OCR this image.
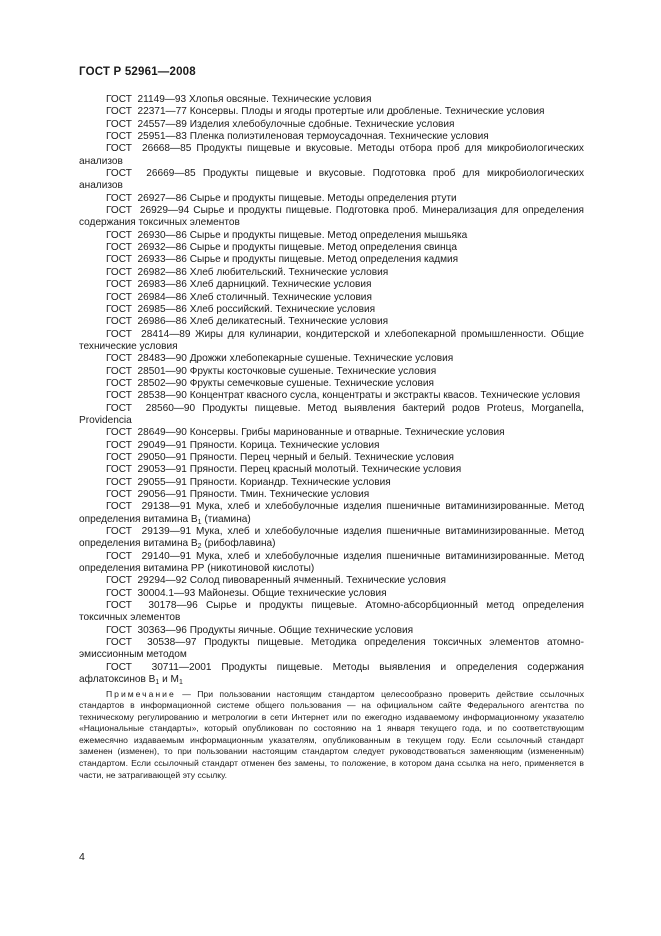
ГОСТ Р 52961—2008

ГОСТ 21149—93 Хлопья овсяные. Технические условия

ГОСТ 22371—77 Консервы. Плоды и ягоды протертые или дробленые. Технические условия

ГОСТ 24557—89 Изделия хлебобулочные сдобные. Технические условия

ГОСТ 25951—83 Пленка полиэтиленовая термоусадочная. Технические условия

ГОСТ 26668—85 Продукты пищевые и вкусовые. Методы отбора проб для микробиологических анализов

ГОСТ 26669—85 Продукты пищевые и вкусовые. Подготовка проб для микробиологических анализов

ГОСТ 26927—86 Сырье и продукты пищевые. Методы определения ртути

ГОСТ 26929—94 Сырье и продукты пищевые. Подготовка проб. Минерализация для определения содержания токсичных элементов

ГОСТ 26930—86 Сырье и продукты пищевые. Метод определения мышьяка

ГОСТ 26932—86 Сырье и продукты пищевые. Метод определения свинца

ГОСТ 26933—86 Сырье и продукты пищевые. Метод определения кадмия

ГОСТ 26982—86 Хлеб любительский. Технические условия

ГОСТ 26983—86 Хлеб дарницкий. Технические условия

ГОСТ 26984—86 Хлеб столичный. Технические условия

ГОСТ 26985—86 Хлеб российский. Технические условия

ГОСТ 26986—86 Хлеб деликатесный. Технические условия

ГОСТ 28414—89 Жиры для кулинарии, кондитерской и хлебопекарной промышленности. Общие технические условия

ГОСТ 28483—90 Дрожжи хлебопекарные сушеные. Технические условия

ГОСТ 28501—90 Фрукты косточковые сушеные. Технические условия

ГОСТ 28502—90 Фрукты семечковые сушеные. Технические условия

ГОСТ 28538—90 Концентрат квасного сусла, концентраты и экстракты квасов. Технические условия

ГОСТ 28560—90 Продукты пищевые. Метод выявления бактерий родов Proteus, Morganella, Providencia

ГОСТ 28649—90 Консервы. Грибы маринованные и отварные. Технические условия

ГОСТ 29049—91 Пряности. Корица. Технические условия

ГОСТ 29050—91 Пряности. Перец черный и белый. Технические условия

ГОСТ  29053—91 Пряности. Перец красный молотый. Технические условия

ГОСТ 29055—91 Пряности. Кориандр. Технические условия

ГОСТ 29056—91 Пряности. Тмин. Технические условия

ГОСТ 29138—91 Мука, хлеб и хлебобулочные изделия пшеничные витаминизированные. Метод определения витамина $В_1$ (тиамина)

ГОСТ 29139—91 Мука, хлеб и хлебобулочные изделия пшеничные витаминизированные. Метод определения витамина $В_2$ (рибофлавина)

ГОСТ 29140—91 Мука, хлеб и хлебобулочные изделия пшеничные витаминизированные. Метод определения витамина РР (никотиновой кислоты)

ГОСТ 29294—92 Солод пивоваренный ячменный. Технические условия

ГОСТ 30004.1—93 Майонезы. Общие технические условия

ГОСТ 30178—96 Сырье и продукты пищевые. Атомно-абсорбционный метод определения токсичных элементов

ГОСТ 30363—96 Продукты яичные. Общие технические условия

ГОСТ 30538—97 Продукты пищевые. Методика определения токсичных элементов атомно-эмиссионным методом

ГОСТ 30711—2001 Продукты пищевые. Методы выявления и определения содержания афлатоксинов $В_1$ и $М_1$

Примечание — При пользовании настоящим стандартом целесообразно проверить действие ссылочных стандартов в информационной системе общего пользования — на официальном сайте Федерального агентства по техническому регулированию и метрологии в сети Интернет или по ежегодно издаваемому информационному указателю «Национальные стандарты», который опубликован по состоянию на 1 января текущего года, и по соответствующим ежемесячно издаваемым информационным указателям, опубликованным в текущем году. Если ссылочный стандарт заменен (изменен), то при пользовании настоящим стандартом следует руководствоваться заменяющим (измененным) стандартом. Если ссылочный стандарт отменен без замены, то положение, в котором дана ссылка на него, применяется в части, не затрагивающей эту ссылку.

4
